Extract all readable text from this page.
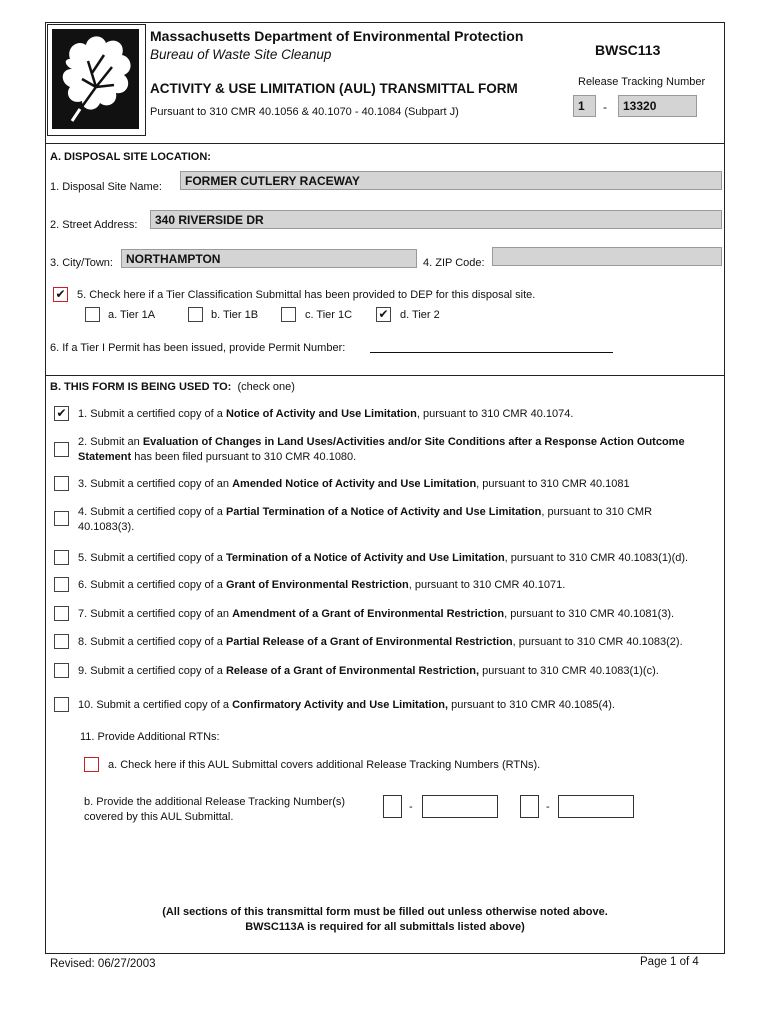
Massachusetts Department of Environmental Protection
Bureau of Waste Site Cleanup
ACTIVITY & USE LIMITATION (AUL) TRANSMITTAL FORM
Pursuant to 310 CMR 40.1056 & 40.1070 - 40.1084 (Subpart J)
BWSC113
Release Tracking Number
1	-	13320
A. DISPOSAL SITE LOCATION:
1. Disposal Site Name:	FORMER CUTLERY RACEWAY
2. Street Address:	340 RIVERSIDE DR
3. City/Town:	NORTHAMPTON	4. ZIP Code:
✔ 5. Check here if a Tier Classification Submittal has been provided to DEP for this disposal site.
a. Tier 1A	b. Tier 1B	c. Tier 1C ✔ d. Tier 2
6. If a Tier I Permit has been issued, provide Permit Number:
B. THIS FORM IS BEING USED TO: (check one)
✔ 1. Submit a certified copy of a Notice of Activity and Use Limitation, pursuant to 310 CMR 40.1074.
2. Submit an Evaluation of Changes in Land Uses/Activities and/or Site Conditions after a Response Action Outcome
Statement has been filed pursuant to 310 CMR 40.1080.
3. Submit a certified copy of an Amended Notice of Activity and Use Limitation, pursuant to 310 CMR 40.1081
4. Submit a certified copy of a Partial Termination of a Notice of Activity and Use Limitation, pursuant to 310 CMR
40.1083(3).
5. Submit a certified copy of a Termination of a Notice of Activity and Use Limitation, pursuant to 310 CMR 40.1083(1)(d).
6. Submit a certified copy of a Grant of Environmental Restriction, pursuant to 310 CMR 40.1071.
7. Submit a certified copy of an Amendment of a Grant of Environmental Restriction, pursuant to 310 CMR 40.1081(3).
8. Submit a certified copy of a Partial Release of a Grant of Environmental Restriction, pursuant to 310 CMR 40.1083(2).
9. Submit a certified copy of a Release of a Grant of Environmental Restriction, pursuant to 310 CMR 40.1083(1)(c).
10. Submit a certified copy of a Confirmatory Activity and Use Limitation, pursuant to 310 CMR 40.1085(4).
11. Provide Additional RTNs:
a. Check here if this AUL Submittal covers additional Release Tracking Numbers (RTNs).
b. Provide the additional Release Tracking Number(s)
covered by this AUL Submittal.
-	-
(All sections of this transmittal form must be filled out unless otherwise noted above.
BWSC113A is required for all submittals listed above)
Revised: 06/27/2003	Page 1 of 4
